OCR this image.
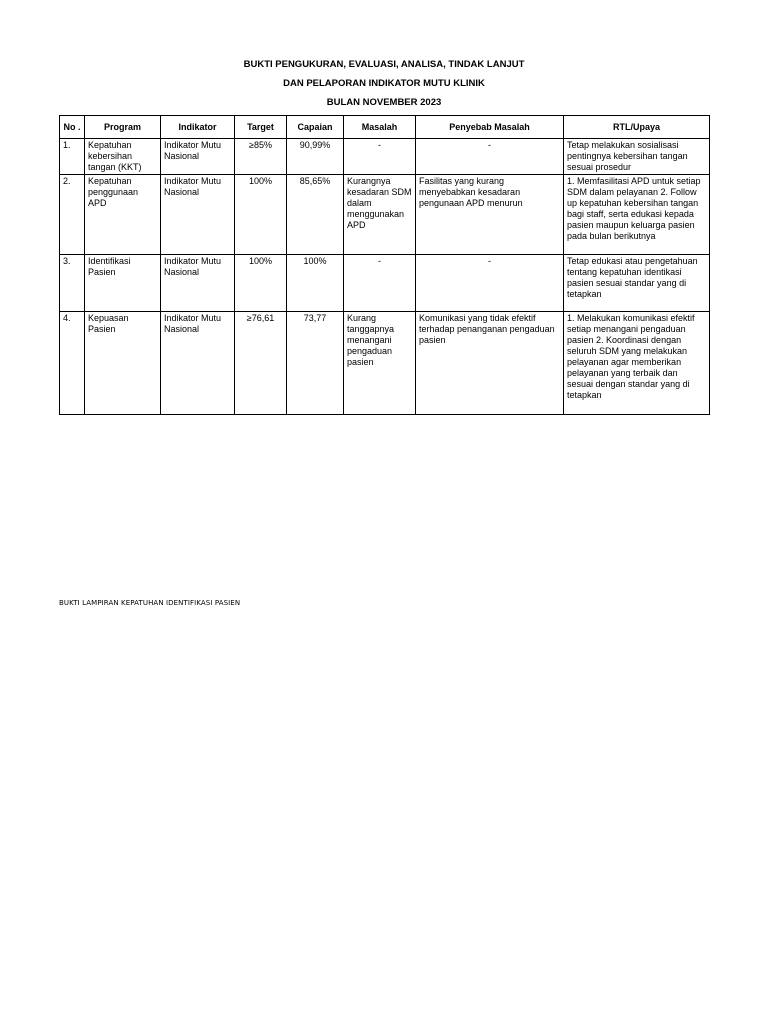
BUKTI PENGUKURAN, EVALUASI, ANALISA, TINDAK LANJUT
DAN PELAPORAN INDIKATOR MUTU KLINIK
BULAN NOVEMBER 2023
No .	Program	Indikator	Target	Capaian	Masalah	Penyebab Masalah	RTL/Upaya
1.	Kepatuhan kebersihan tangan (KKT)	Indikator Mutu Nasional	≥85%	90,99%	-	-	Tetap melakukan sosialisasi pentingnya kebersihan tangan sesuai prosedur
2.	Kepatuhan penggunaan APD	Indikator Mutu Nasional	100%	85,65%	Kurangnya kesadaran SDM dalam menggunakan APD	Fasilitas yang kurang menyebabkan kesadaran pengunaan APD menurun	1. Memfasilitasi APD untuk setiap SDM dalam pelayanan 2. Follow up kepatuhan kebersihan tangan bagi staff, serta edukasi kepada pasien maupun keluarga pasien pada bulan berikutnya
3.	Identifikasi Pasien	Indikator Mutu Nasional	100%	100%	-	-	Tetap edukasi atau pengetahuan tentang kepatuhan identikasi pasien sesuai standar yang di tetapkan
4.	Kepuasan Pasien	Indikator Mutu Nasional	≥76,61	73,77	Kurang tanggapnya menangani pengaduan pasien	Komunikasi yang tidak efektif terhadap penanganan pengaduan pasien	1. Melakukan komunikasi efektif setiap menangani pengaduan pasien 2. Koordinasi dengan seluruh SDM yang melakukan pelayanan agar memberikan pelayanan yang terbaik dan sesuai dengan standar yang di tetapkan
BUKTI LAMPIRAN KEPATUHAN IDENTIFIKASI PASIEN
